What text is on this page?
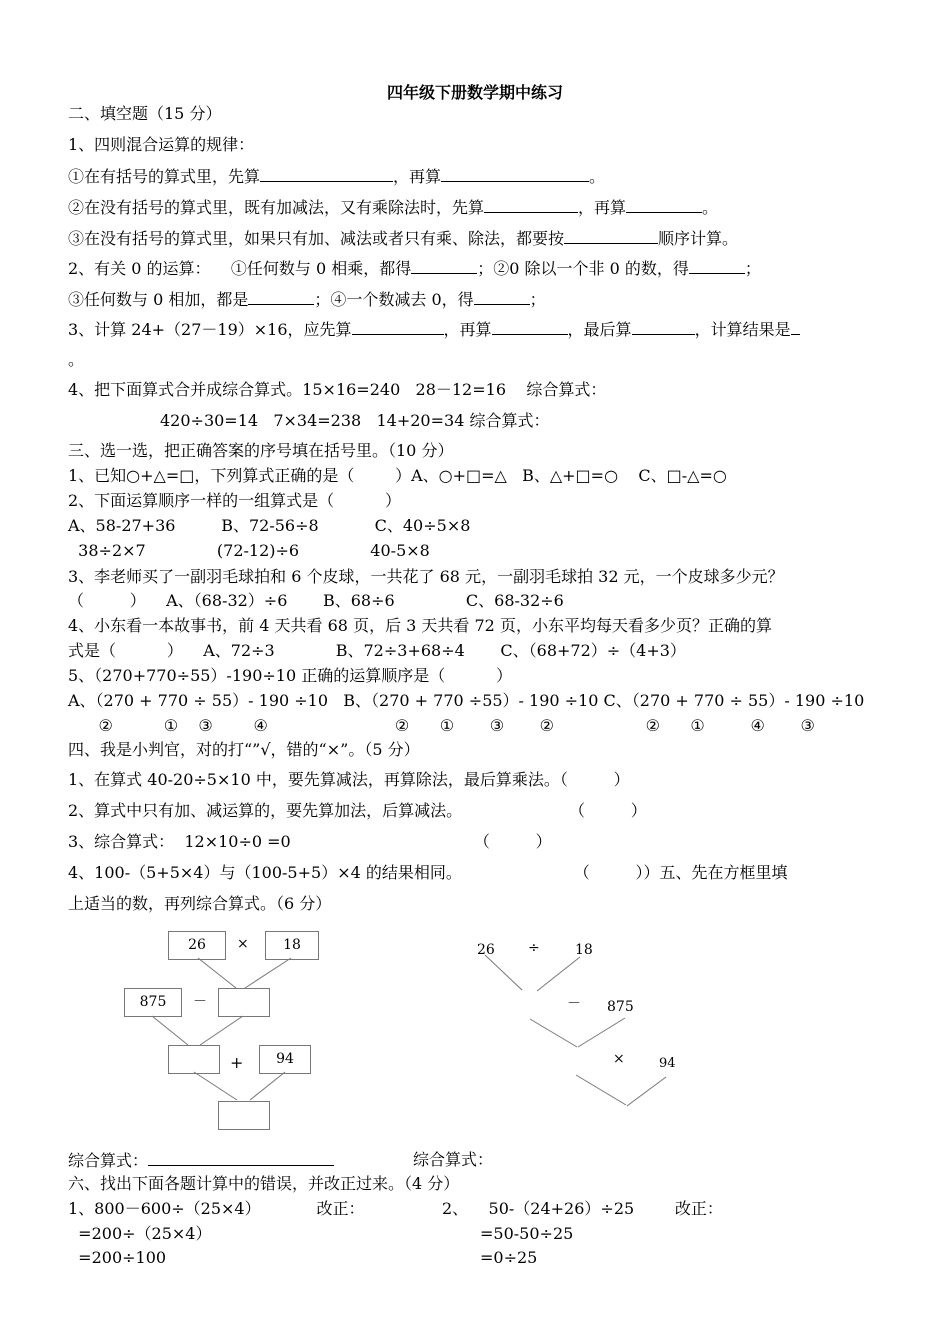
四年级下册数学期中练习
二、填空题（15 分）
1、四则混合运算的规律：
①在有括号的算式里，先算	，再算	。
②在没有括号的算式里，既有加减法，又有乘除法时，先算	，再算	。
③在没有括号的算式里，如果只有加、减法或者只有乘、除法，都要按	顺序计算。
2、有关 0 的运算：    ①任何数与 0 相乘，都得	；②0 除以一个非 0 的数，得	；
③任何数与 0 相加，都是	；④一个数减去 0，得	；
3、计算 24+（27－19）×16，应先算	，再算	，最后算	，计算结果是
。
4、把下面算式合并成综合算式。15×16=240   28－12=16    综合算式：
420÷30=14   7×34=238   14+20=34 综合算式：
三、选一选，把正确答案的序号填在括号里。（10 分）
1、已知○+△=□，下列算式正确的是（        ）A、○+□=△   B、△+□=○    C、□-△=○
2、下面运算顺序一样的一组算式是（          ）
A、58-27+36         B、72-56÷8           C、40÷5×8
38÷2×7              (72-12)÷6              40-5×8
3、李老师买了一副羽毛球拍和 6 个皮球，一共花了 68 元，一副羽毛球拍 32 元，一个皮球多少元？
（         ）    A、（68-32）÷6       B、68÷6              C、68-32÷6
4、小东看一本故事书，前 4 天共看 68 页，后 3 天共看 72 页，小东平均每天看多少页？正确的算
式是（          ）    A、72÷3            B、72÷3+68÷4       C、（68+72）÷（4+3）
5、（270+770÷55）-190÷10 正确的运算顺序是（          ）
A、（270 + 770 ÷ 55）- 190 ÷10   B、（270 + 770 ÷55）- 190 ÷10 C、（270 + 770 ÷ 55）- 190 ÷10
②          ①    ③        ④                         ②      ①       ③       ②                  ②      ①         ④       ③
四、我是小判官，对的打“”√，错的“×”。（5 分）
1、在算式 40-20÷5×10 中，要先算减法，再算除法，最后算乘法。（         ）
2、算式中只有加、减运算的，要先算加法，后算减法。                     （         ）
3、综合算式：  12×10÷0 =0                                    （         ）
4、100-（5+5×4）与（100-5+5）×4 的结果相同。                      （         ））五、先在方框里填
上适当的数，再列综合算式。（6 分）
26	×	18
875	－
+	94
26 ÷	18
－ 875
×	94
综合算式：	综合算式：
六、找出下面各题计算中的错误，并改正过来。（4 分）
1、800－600÷（25×4）           改正：
=200÷（25×4）
=200÷100
2、    50-（24+26）÷25        改正：
=50-50÷25
=0÷25
